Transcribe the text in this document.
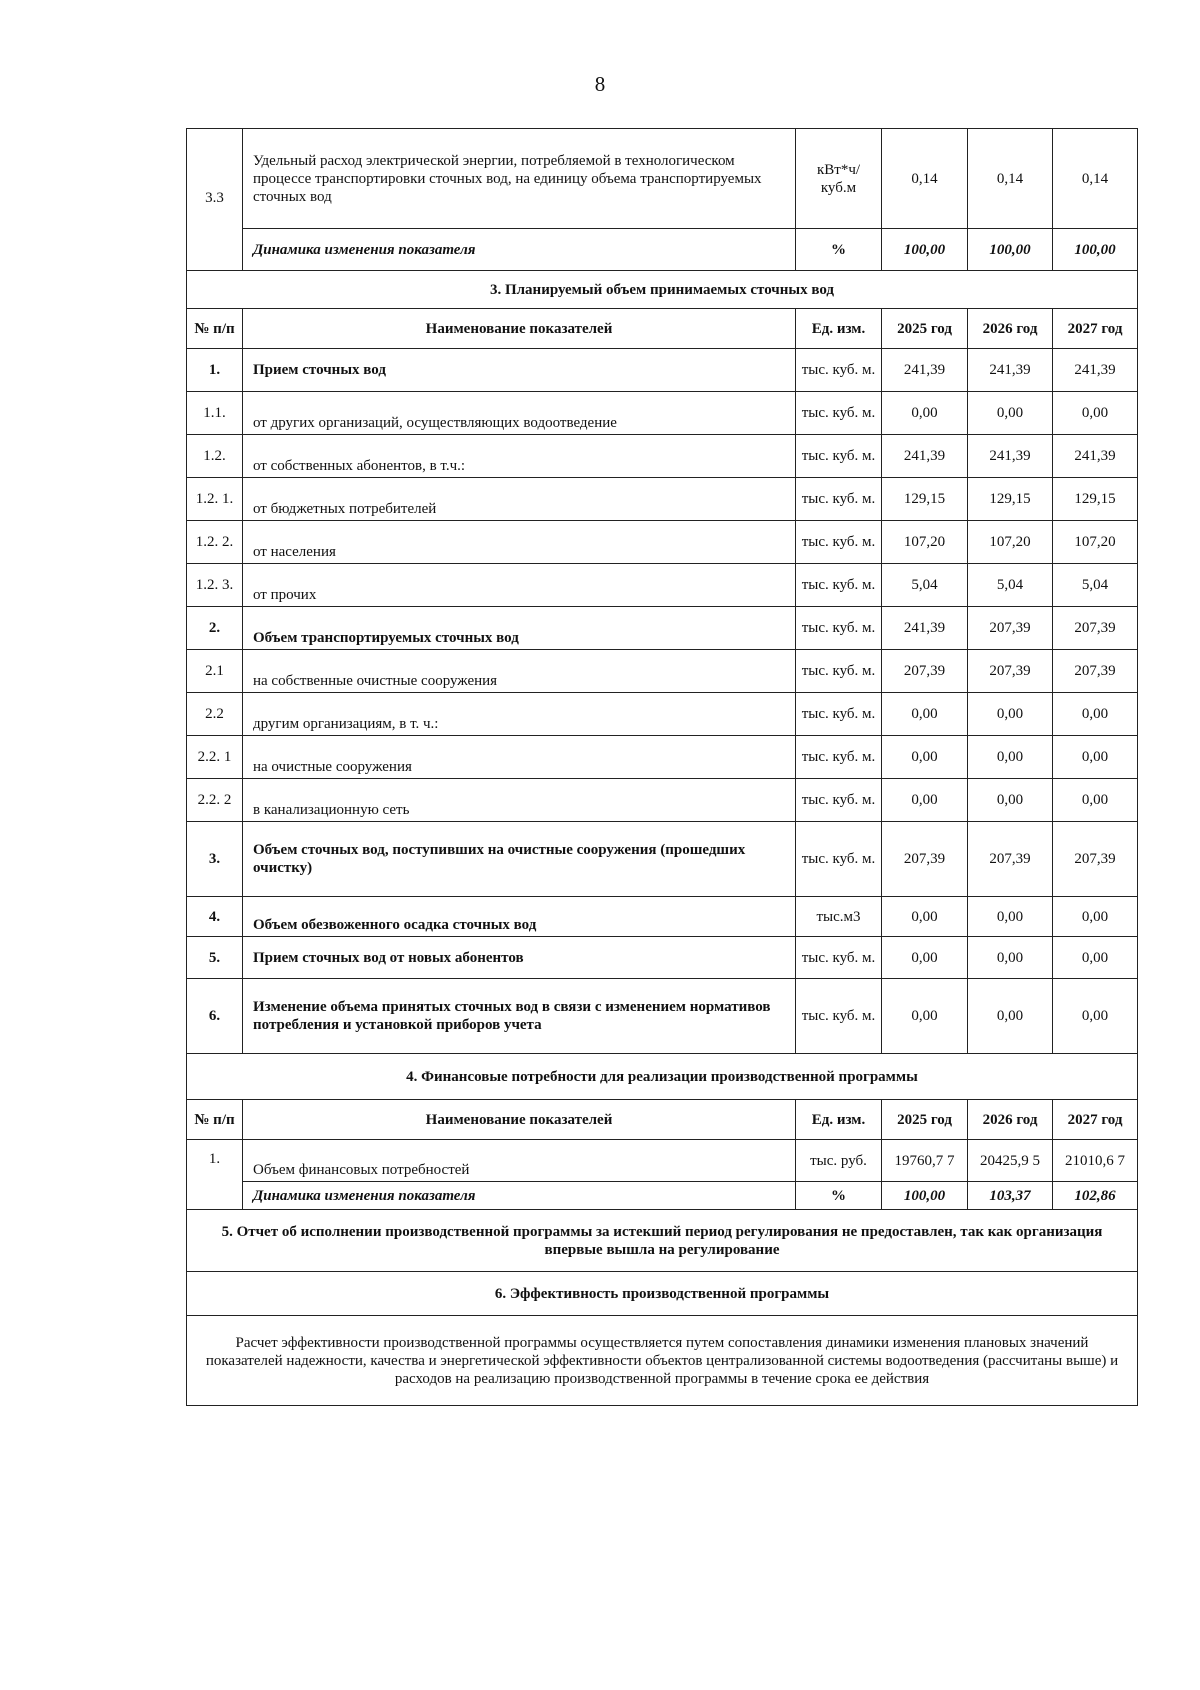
8
3.3	Удельный расход электрической энергии, потребляемой в технологическом процессе транспортировки сточных вод, на единицу объема транспортируемых сточных вод	кВт*ч/ куб.м	0,14	0,14	0,14
	Динамика изменения показателя	%	100,00	100,00	100,00
3. Планируемый объем принимаемых сточных вод					
№ п/п	Наименование показателей	Ед. изм.	2025 год	2026 год	2027 год
1.	Прием сточных вод	тыс. куб. м.	241,39	241,39	241,39
1.1.	от других организаций, осуществляющих водоотведение	тыс. куб. м.	0,00	0,00	0,00
1.2.	от собственных абонентов, в т.ч.:	тыс. куб. м.	241,39	241,39	241,39
1.2. 1.	от бюджетных потребителей	тыс. куб. м.	129,15	129,15	129,15
1.2. 2.	от населения	тыс. куб. м.	107,20	107,20	107,20
1.2. 3.	от прочих	тыс. куб. м.	5,04	5,04	5,04
2.	Объем транспортируемых сточных вод	тыс. куб. м.	241,39	207,39	207,39
2.1	на собственные очистные сооружения	тыс. куб. м.	207,39	207,39	207,39
2.2	другим организациям, в т. ч.:	тыс. куб. м.	0,00	0,00	0,00
2.2. 1	на очистные сооружения	тыс. куб. м.	0,00	0,00	0,00
2.2. 2	в канализационную сеть	тыс. куб. м.	0,00	0,00	0,00
3.	Объем сточных вод, поступивших на очистные сооружения (прошедших очистку)	тыс. куб. м.	207,39	207,39	207,39
4.	Объем обезвоженного осадка сточных вод	тыс.м3	0,00	0,00	0,00
5.	Прием сточных вод от новых абонентов	тыс. куб. м.	0,00	0,00	0,00
6.	Изменение объема принятых сточных вод в связи с изменением нормативов потребления и установкой приборов учета	тыс. куб. м.	0,00	0,00	0,00
4. Финансовые потребности для реализации производственной программы					
№ п/п	Наименование показателей	Ед. изм.	2025 год	2026 год	2027 год
1.	Объем финансовых потребностей	тыс. руб.	19760,7 7	20425,9 5	21010,6 7
	Динамика изменения показателя	%	100,00	103,37	102,86
5. Отчет об исполнении производственной программы за истекший период регулирования не предоставлен, так как организация впервые вышла на регулирование					
6. Эффективность производственной программы					
Расчет эффективности производственной программы осуществляется путем сопоставления динамики изменения плановых значений показателей надежности, качества и энергетической эффективности объектов централизованной системы водоотведения (рассчитаны выше) и расходов на реализацию производственной программы в течение срока ее действия					
